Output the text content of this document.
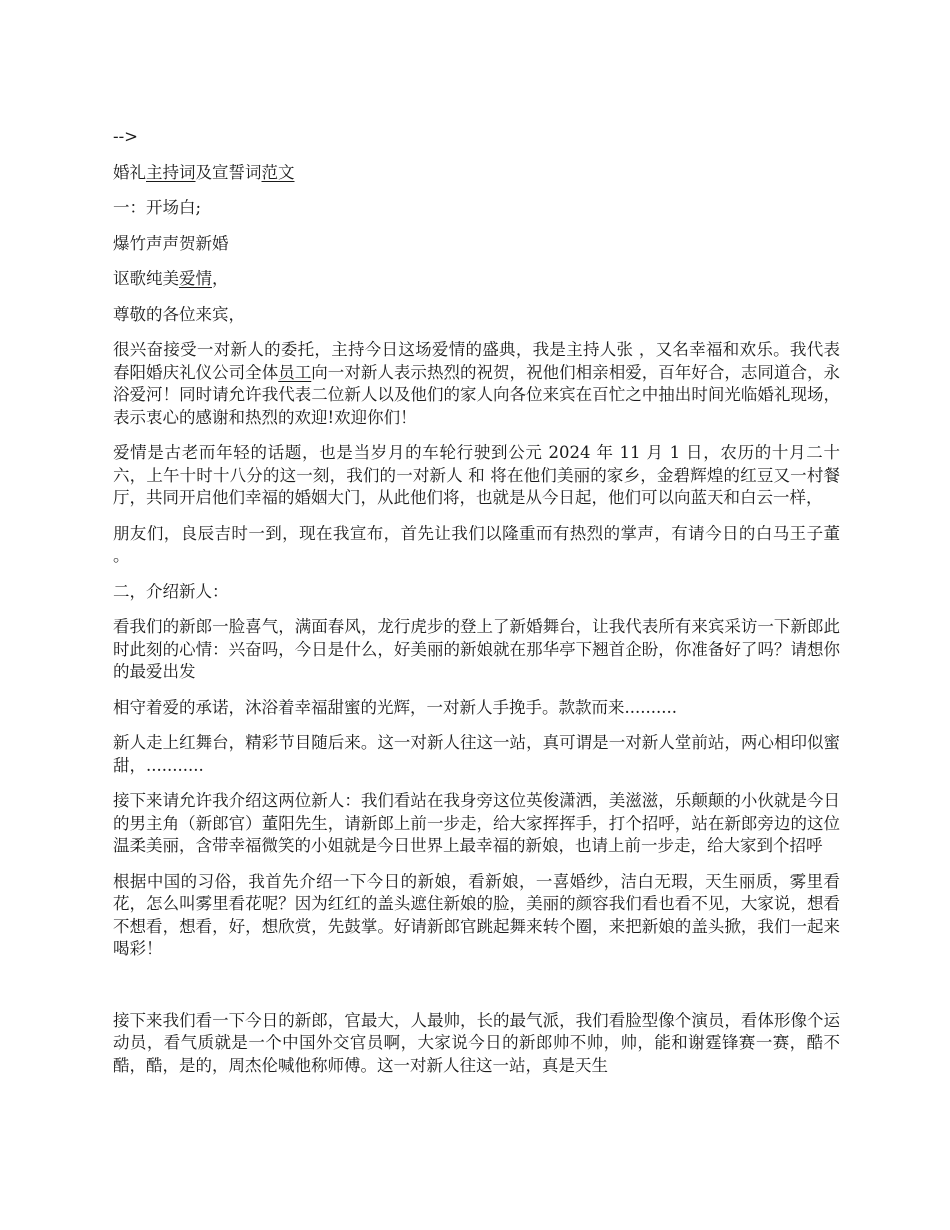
-->

婚礼主持词及宣誓词范文

一：开场白;

爆竹声声贺新婚

讴歌纯美爱情，

尊敬的各位来宾，

很兴奋接受一对新人的委托，主持今日这场爱情的盛典，我是主持人张 ，又名幸福和欢乐。我代表春阳婚庆礼仪公司全体员工向一对新人表示热烈的祝贺，祝他们相亲相爱，百年好合，志同道合，永浴爱河！同时请允许我代表二位新人以及他们的家人向各位来宾在百忙之中抽出时间光临婚礼现场，表示衷心的感谢和热烈的欢迎!欢迎你们！

爱情是古老而年轻的话题，也是当岁月的车轮行驶到公元 2024 年 11 月 1 日，农历的十月二十六，上午十时十八分的这一刻，我们的一对新人 和 将在他们美丽的家乡，金碧辉煌的红豆又一村餐厅，共同开启他们幸福的婚姻大门，从此他们将，也就是从今日起，他们可以向蓝天和白云一样，

朋友们，良辰吉时一到，现在我宣布，首先让我们以隆重而有热烈的掌声，有请今日的白马王子董 。

二，介绍新人：

看我们的新郎一脸喜气，满面春风，龙行虎步的登上了新婚舞台，让我代表所有来宾采访一下新郎此时此刻的心情：兴奋吗，今日是什么，好美丽的新娘就在那华亭下翘首企盼，你准备好了吗？请想你的最爱出发

相守着爱的承诺，沐浴着幸福甜蜜的光辉，一对新人手挽手。款款而来..........

新人走上红舞台，精彩节目随后来。这一对新人往这一站，真可谓是一对新人堂前站，两心相印似蜜甜，...........

接下来请允许我介绍这两位新人：我们看站在我身旁这位英俊潇洒，美滋滋，乐颠颠的小伙就是今日的男主角（新郎官）董阳先生，请新郎上前一步走，给大家挥挥手，打个招呼，站在新郎旁边的这位温柔美丽，含带幸福微笑的小姐就是今日世界上最幸福的新娘，也请上前一步走，给大家到个招呼

根据中国的习俗，我首先介绍一下今日的新娘，看新娘，一喜婚纱，洁白无瑕，天生丽质，雾里看花，怎么叫雾里看花呢？因为红红的盖头遮住新娘的脸，美丽的颜容我们看也看不见，大家说，想看不想看，想看，好，想欣赏，先鼓掌。好请新郎官跳起舞来转个圈，来把新娘的盖头掀，我们一起来喝彩！

接下来我们看一下今日的新郎，官最大，人最帅，长的最气派，我们看脸型像个演员，看体形像个运动员，看气质就是一个中国外交官员啊，大家说今日的新郎帅不帅，帅，能和谢霆锋赛一赛，酷不酷，酷，是的，周杰伦喊他称师傅。这一对新人往这一站，真是天生
